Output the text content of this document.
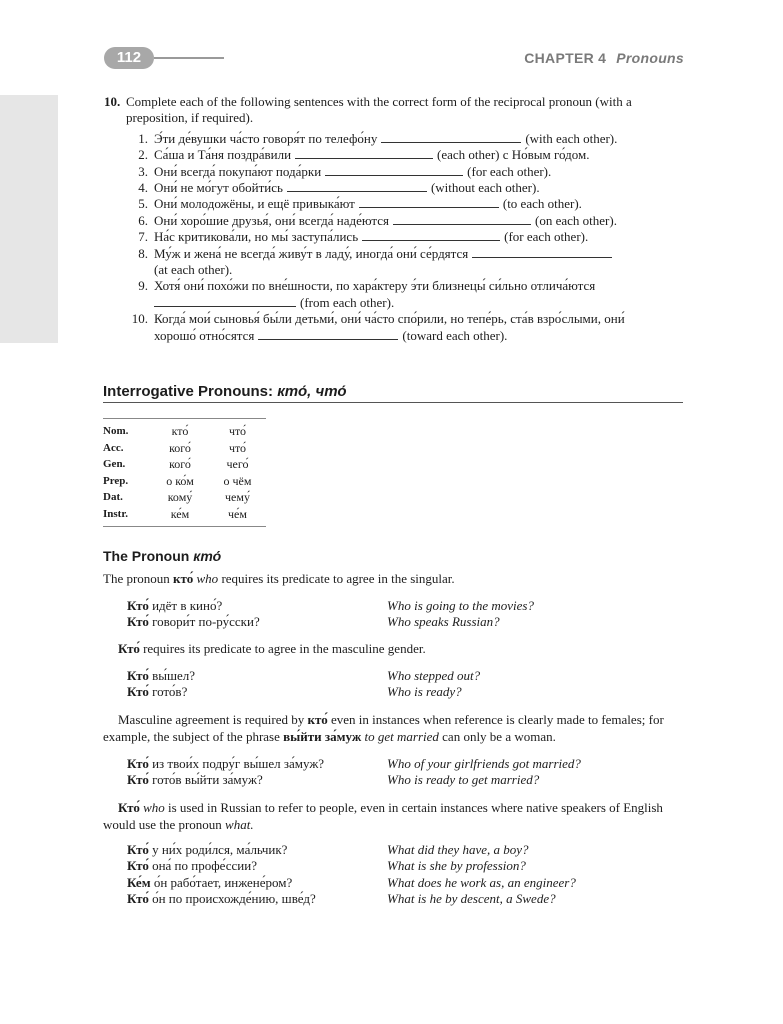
112	CHAPTER 4 Pronouns
10. Complete each of the following sentences with the correct form of the reciprocal pronoun (with a preposition, if required).
1. Э́ти де́вушки ча́сто говоря́т по телефо́ну	(with each other).
2. Са́ша и Та́ня поздра́вили	(each other) с Но́вым го́дом.
3. Они́ всегда́ покупа́ют пода́рки	(for each other).
4. Они́ не мо́гут обойти́сь	(without each other).
5. Они́ молодожёны, и ещё привыка́ют	(to each other).
6. Они́ хоро́шие друзья́, они́ всегда́ наде́ются	(on each other).
7. На́с критикова́ли, но мы́ заступа́лись	(for each other).
8. Му́ж и жена́ не всегда́ живу́т в ладу́, иногда́ они́ се́рдятся
(at each other).
9. Хотя́ они́ похо́жи по вне́шности, по хара́ктеру э́ти близнецы́ си́льно отлича́ются
(from each other).
10. Когда́ мои́ сыновья́ бы́ли детьми́, они́ ча́сто спо́рили, но тепе́рь, ста́в взро́слыми, они́
хорошо́ отно́сятся	(toward each other).
Interrogative Pronouns: кто́, что́
Nom.	кто́	что́
Acc.	кого́	что́
Gen.	кого́	чего́
Prep.	о ко́м	о чём
Dat.	кому́	чему́
Instr.	ке́м	че́м
The Pronoun кто́
The pronoun кто́ who requires its predicate to agree in the singular.
Кто́ идёт в кино́?	Who is going to the movies?
Кто́ говори́т по-ру́сски?	Who speaks Russian?
Кто́ requires its predicate to agree in the masculine gender.
Кто́ вы́шел?	Who stepped out?
Кто́ гото́в?	Who is ready?
Masculine agreement is required by кто́ even in instances when reference is clearly made to females; for example, the subject of the phrase вы́йти за́муж to get married can only be a woman.
Кто́ из твои́х подру́г вы́шел за́муж?	Who of your girlfriends got married?
Кто́ гото́в вы́йти за́муж?	Who is ready to get married?
Кто́ who is used in Russian to refer to people, even in certain instances where native speakers of English would use the pronoun what.
Кто́ у ни́х роди́лся, ма́льчик?	What did they have, a boy?
Кто́ она́ по профе́ссии?	What is she by profession?
Ке́м о́н рабо́тает, инжене́ром?	What does he work as, an engineer?
Кто́ о́н по происхожде́нию, шве́д?	What is he by descent, a Swede?
